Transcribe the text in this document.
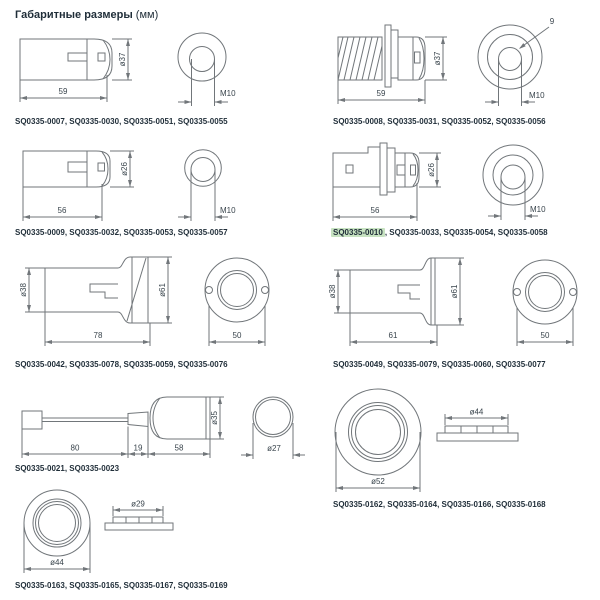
Габаритные размеры (мм)
ø37
59	M10
SQ0335-0007, SQ0335-0030, SQ0335-0051, SQ0335-0055
ø37
59
9
M10
SQ0335-0008, SQ0335-0031, SQ0335-0052, SQ0335-0056
ø26
56	M10
SQ0335-0009, SQ0335-0032, SQ0335-0053, SQ0335-0057
ø26
56	M10
SQ0335-0010 , SQ0335-0033, SQ0335-0054, SQ0335-0058
ø38	ø61
78	50
SQ0335-0042, SQ0335-0078, SQ0335-0059, SQ0335-0076
ø38	ø61
61	50
SQ0335-0049, SQ0335-0079, SQ0335-0060, SQ0335-0077
80	19	58
ø35
ø27
SQ0335-0021, SQ0335-0023
ø52
ø44
SQ0335-0162, SQ0335-0164, SQ0335-0166, SQ0335-0168
ø44
ø29
SQ0335-0163, SQ0335-0165, SQ0335-0167, SQ0335-0169
